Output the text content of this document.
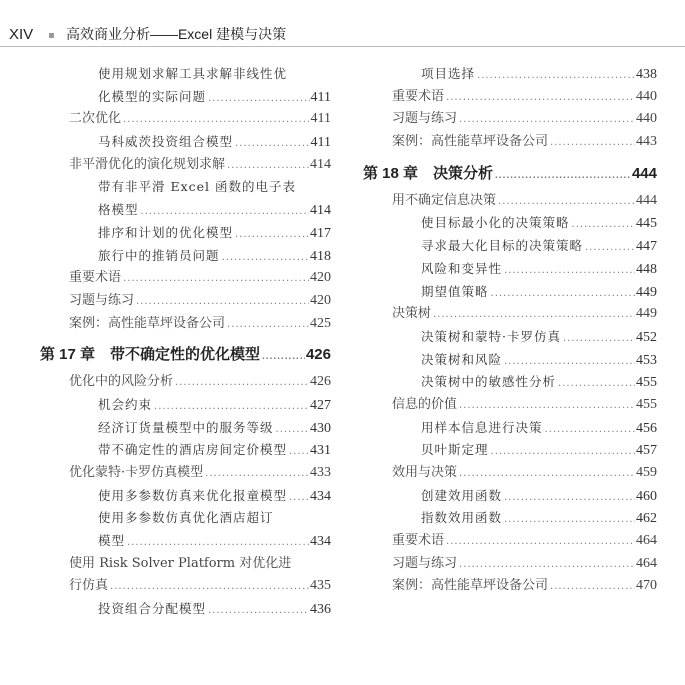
XIV 高效商业分析——Excel 建模与决策
使用规划求解工具求解非线性优
化模型的实际问题 .....	411
二次优化 .....	411
马科威茨投资组合模型 .....	411
非平滑优化的演化规划求解 .....	414
带有非平滑 Excel 函数的电子表
格模型 .....	414
排序和计划的优化模型 .....	417
旅行中的推销员问题 .....	418
重要术语 .....	420
习题与练习 .....	420
案例：高性能草坪设备公司 .....	425
第 17 章　带不确定性的优化模型 .....	426
优化中的风险分析 .....	426
机会约束 .....	427
经济订货量模型中的服务等级 .....	430
带不确定性的酒店房间定价模型 ..... 431
优化蒙特·卡罗仿真模型 .....	433
使用多参数仿真来优化报童模型 ..... 434
使用多参数仿真优化酒店超订
模型 .....	434
使用 Risk Solver Platform 对优化进
行仿真 .....	435
投资组合分配模型 .....	436
项目选择 .....	438
重要术语 .....	440
习题与练习 .....	440
案例：高性能草坪设备公司 .....	443
第 18 章　决策分析 .....	444
用不确定信息决策 .....	444
使目标最小化的决策策略 .....	445
寻求最大化目标的决策策略 .....	447
风险和变异性 .....	448
期望值策略 .....	449
决策树 .....	449
决策树和蒙特·卡罗仿真 .....	452
决策树和风险 .....	453
决策树中的敏感性分析 .....	455
信息的价值 .....	455
用样本信息进行决策 .....	456
贝叶斯定理 .....	457
效用与决策 .....	459
创建效用函数 .....	460
指数效用函数 .....	462
重要术语 .....	464
习题与练习 .....	464
案例：高性能草坪设备公司 .....	470
